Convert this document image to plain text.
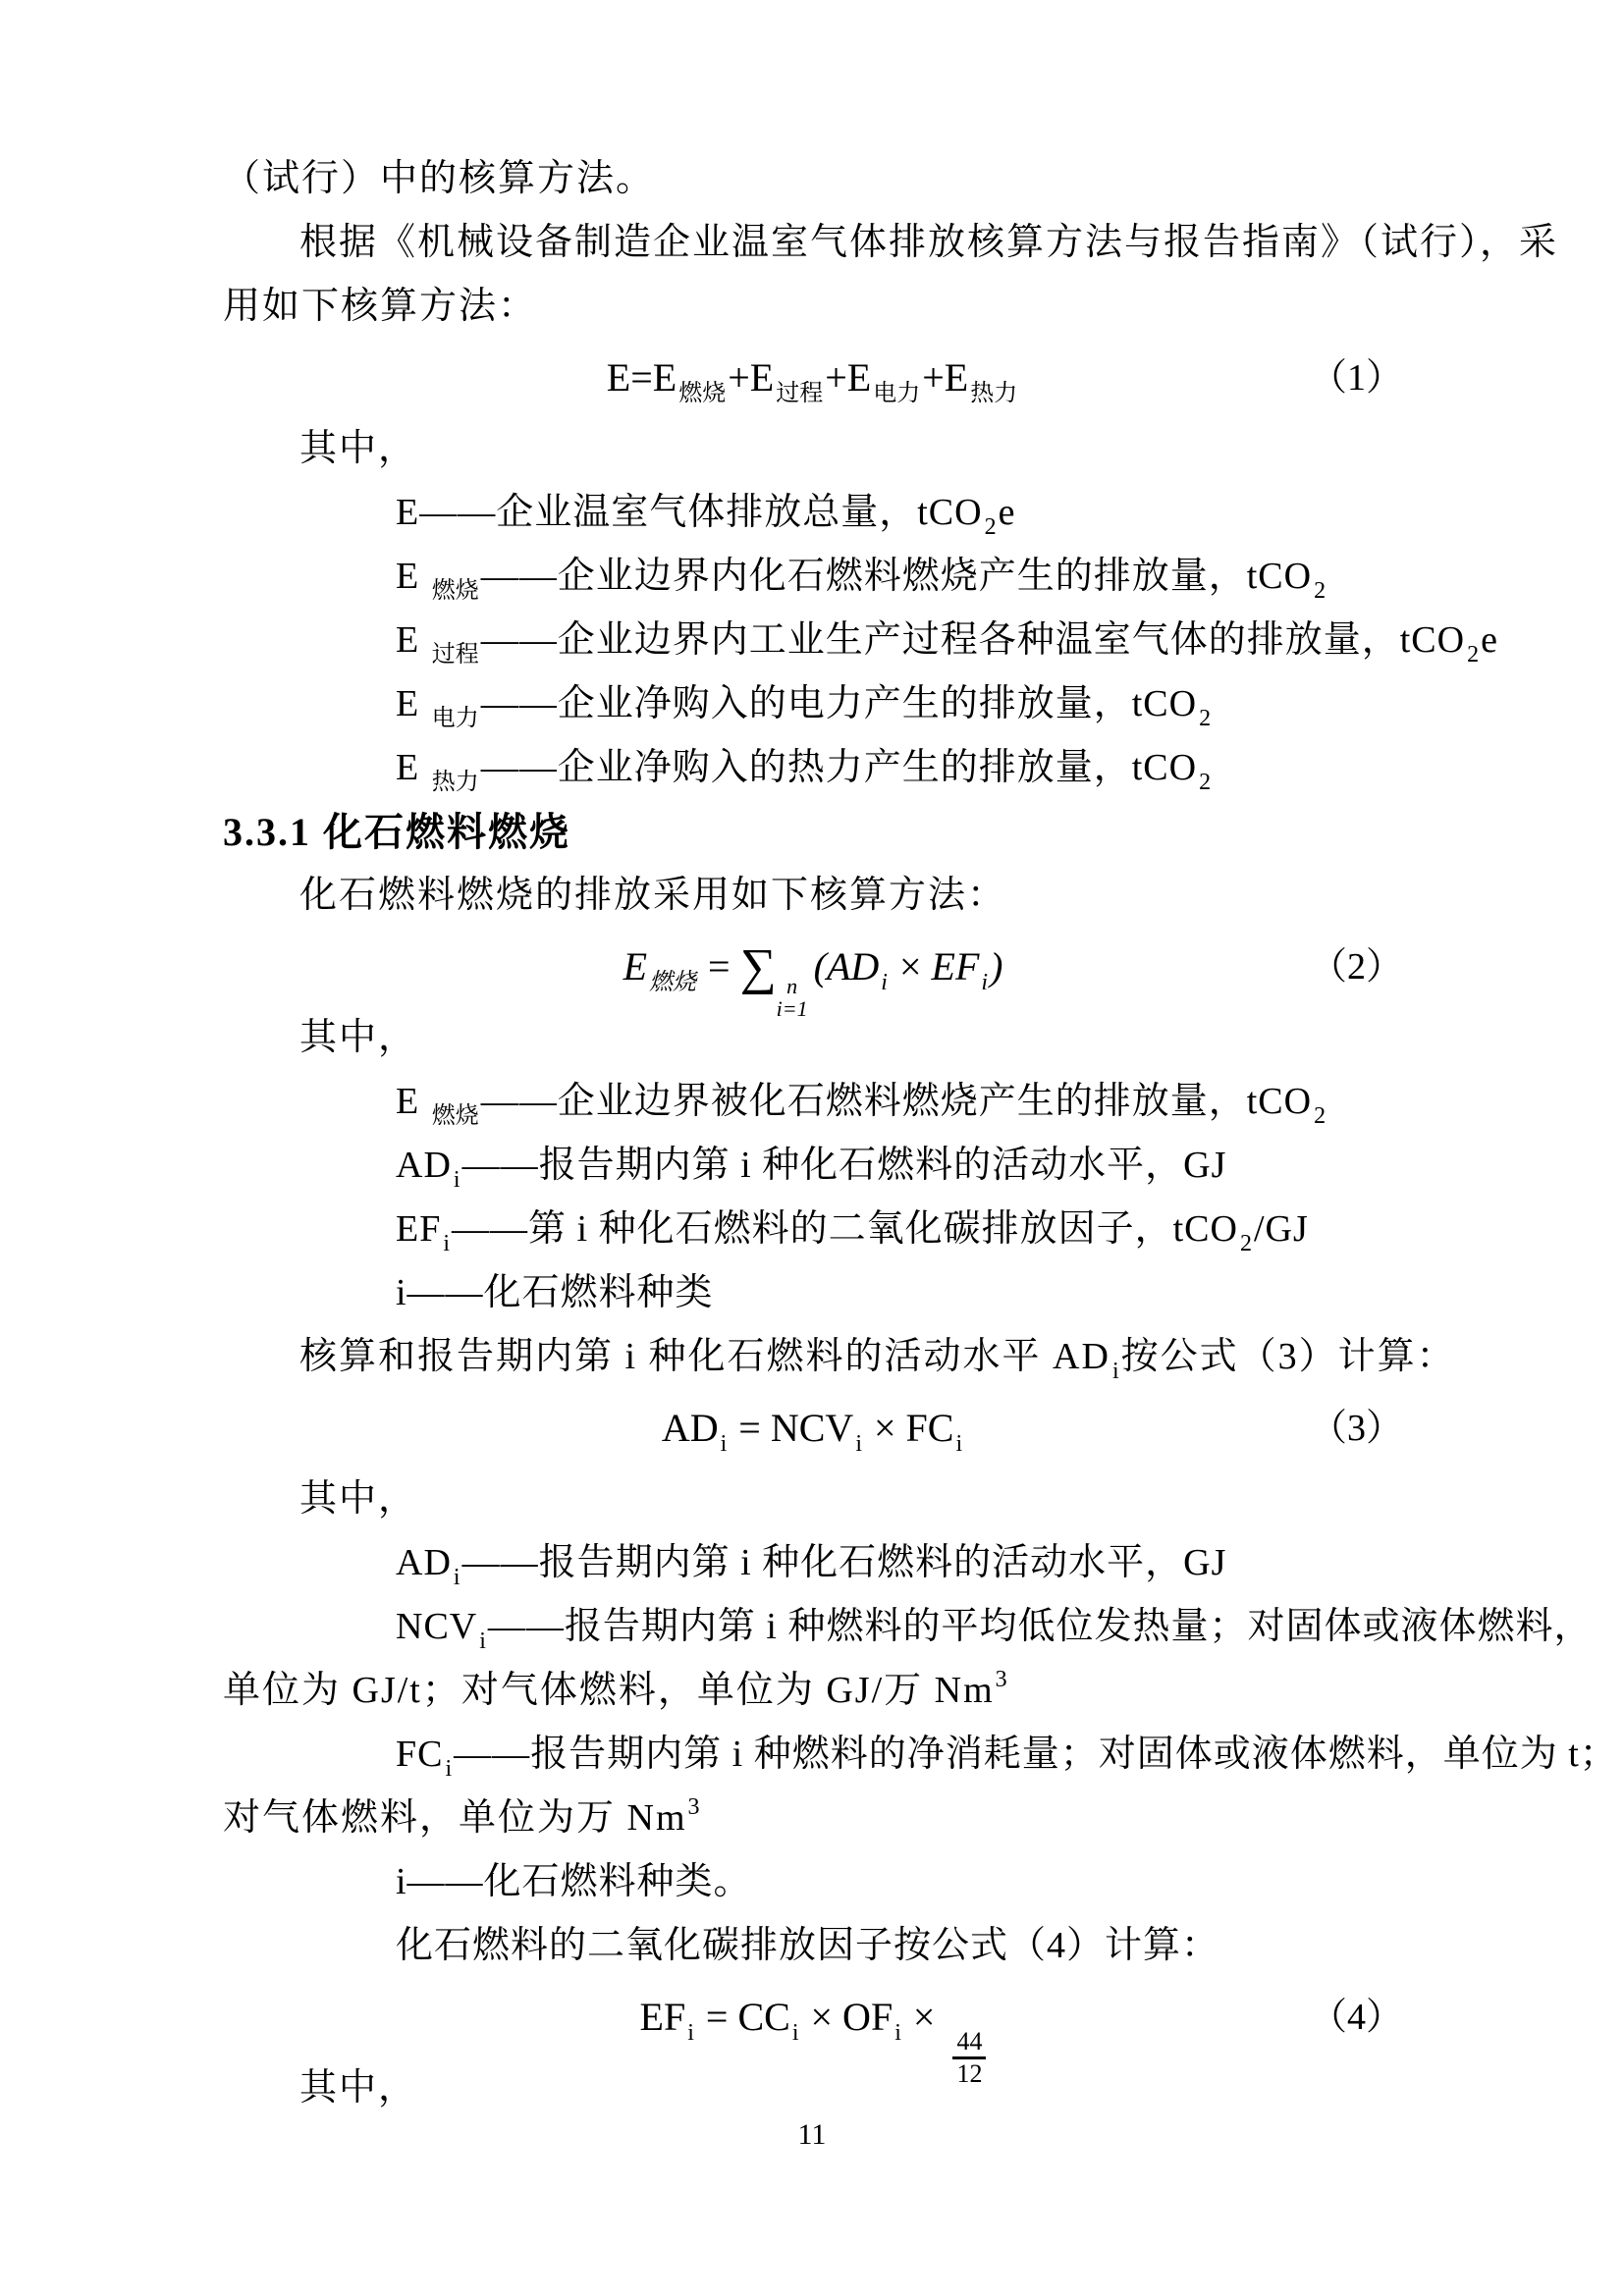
（试行）中的核算方法。
根据《机械设备制造企业温室气体排放核算方法与报告指南》（试行），采
用如下核算方法：
$E=E_{燃烧}+E_{过程}+E_{电力}+E_{热力}$	（1）
其中，
E——企业温室气体排放总量，tCO$_2$e
E $_{燃烧}$——企业边界内化石燃料燃烧产生的排放量，tCO$_2$
E $_{过程}$——企业边界内工业生产过程各种温室气体的排放量，tCO$_2$e
E $_{电力}$——企业净购入的电力产生的排放量，tCO$_2$
E $_{热力}$——企业净购入的热力产生的排放量，tCO$_2$
3.3.1 化石燃料燃烧
化石燃料燃烧的排放采用如下核算方法：
$E_{燃烧}$ = ∑ n
i=1
$(AD_i \times EF_i)$	（2）
其中，
E $_{燃烧}$——企业边界被化石燃料燃烧产生的排放量，tCO$_2$
$AD_i——$报告期内第 i 种化石燃料的活动水平，GJ
$EF_i——$第 i 种化石燃料的二氧化碳排放因子，tCO$_2$/GJ
i——化石燃料种类
核算和报告期内第 i 种化石燃料的活动水平 $AD_i$按公式（3）计算：
$AD_i = NCV_i \times FC_i$	（3）
其中，
$AD_i——$报告期内第 i 种化石燃料的活动水平，GJ
$NCV_i——$报告期内第 i 种燃料的平均低位发热量；对固体或液体燃料，
单位为 GJ/t；对气体燃料，单位为 GJ/万 Nm$^3$
$FC_i——$报告期内第 i 种燃料的净消耗量；对固体或液体燃料，单位为 t；
对气体燃料，单位为万 Nm$^3$
i——化石燃料种类。
化石燃料的二氧化碳排放因子按公式（4）计算：
$EF_i = CC_i \times OF_i$ ×
$\frac{44}{12}$
（4）
其中，
11
